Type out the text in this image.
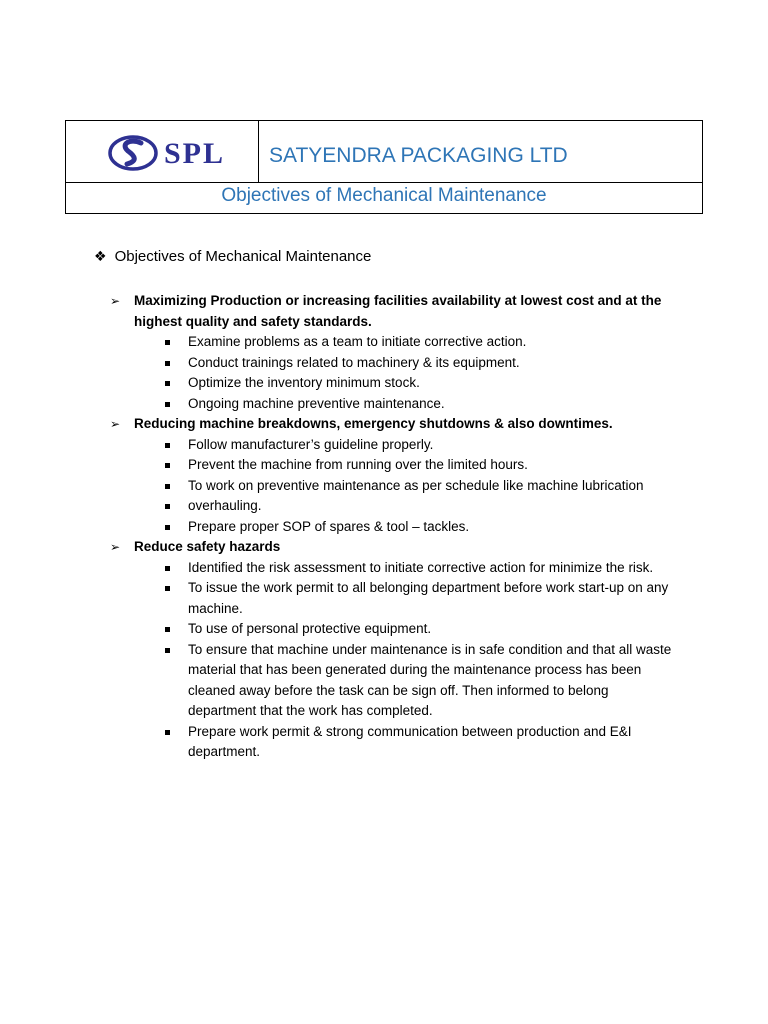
SPL SATYENDRA PACKAGING LTD
Objectives of Mechanical Maintenance
❖ Objectives of Mechanical Maintenance
➢ Maximizing Production or increasing facilities availability at lowest cost and at the highest quality and safety standards.
Examine problems as a team to initiate corrective action.
Conduct trainings related to machinery & its equipment.
Optimize the inventory minimum stock.
Ongoing machine preventive maintenance.
➢ Reducing machine breakdowns, emergency shutdowns & also downtimes.
Follow manufacturer’s guideline properly.
Prevent the machine from running over the limited hours.
To work on preventive maintenance as per schedule like machine lubrication
overhauling.
Prepare proper SOP of spares & tool – tackles.
➢ Reduce safety hazards
Identified the risk assessment to initiate corrective action for minimize the risk.
To issue the work permit to all belonging department before work start-up on any machine.
To use of personal protective equipment.
To ensure that machine under maintenance is in safe condition and that all waste material that has been generated during the maintenance process has been cleaned away before the task can be sign off. Then informed to belong department that the work has completed.
Prepare work permit & strong communication between production and E&I department.
